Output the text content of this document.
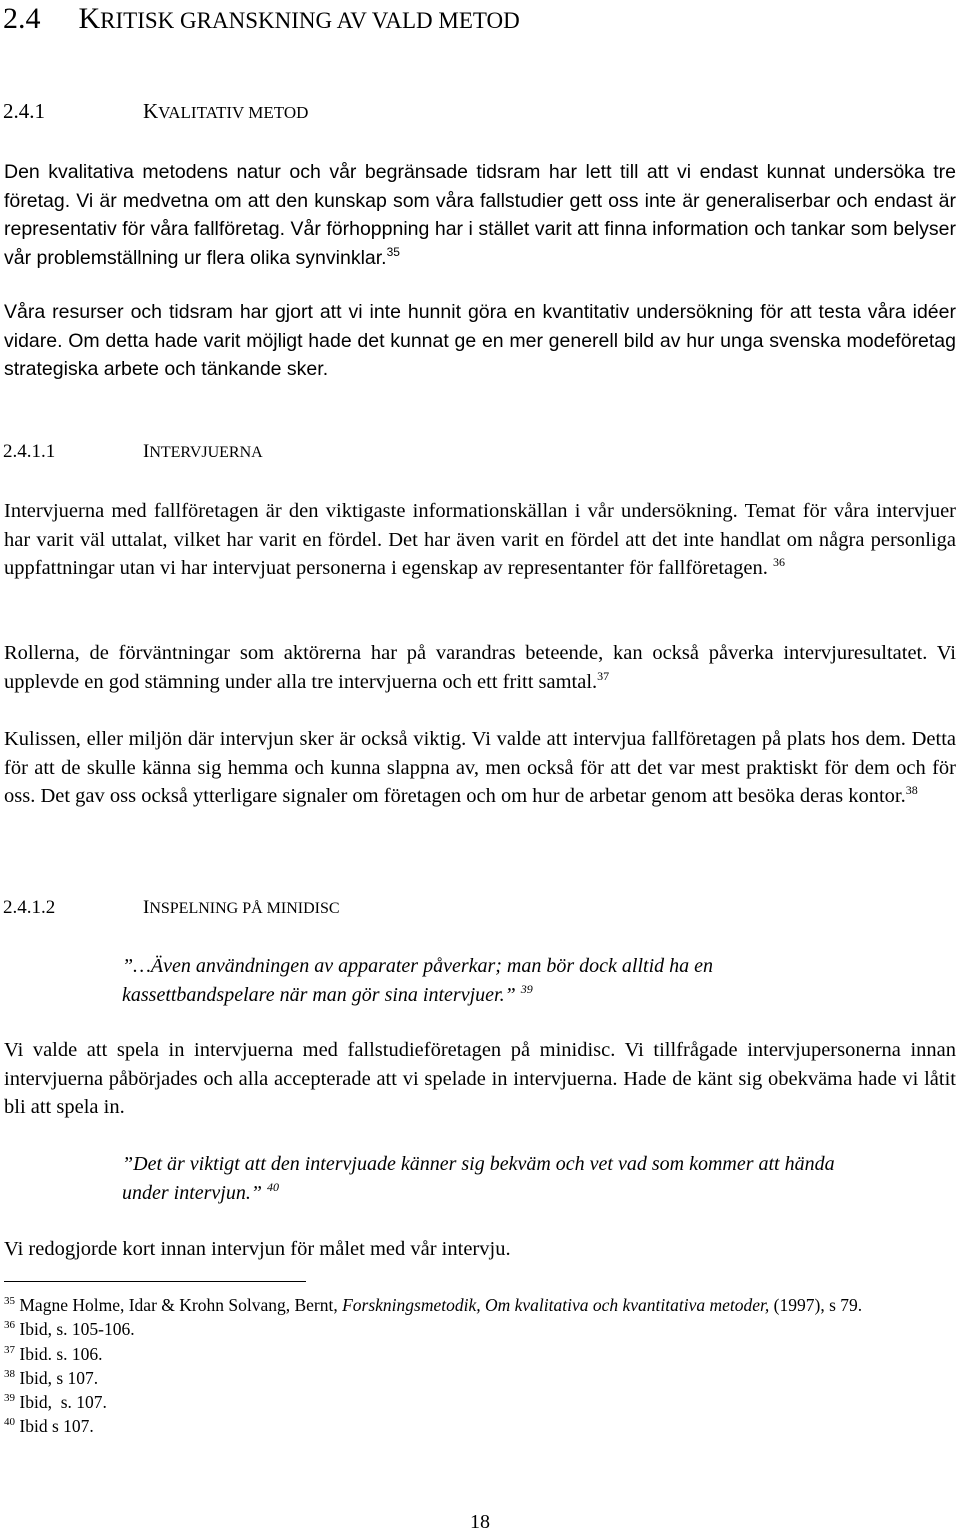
2.4 KRITISK GRANSKNING AV VALD METOD
2.4.1	KVALITATIV METOD

Den kvalitativa metodens natur och vår begränsade tidsram har lett till att vi endast kunnat undersöka tre företag. Vi är medvetna om att den kunskap som våra fallstudier gett oss inte är generaliserbar och endast är representativ för våra fallföretag. Vår förhoppning har i stället varit att finna information och tankar som belyser vår problemställning ur flera olika synvinklar.$^{35}$

Våra resurser och tidsram har gjort att vi inte hunnit göra en kvantitativ undersökning för att testa våra idéer vidare. Om detta hade varit möjligt hade det kunnat ge en mer generell bild av hur unga svenska modeföretag strategiska arbete och tänkande sker.

2.4.1.1	INTERVJUERNA

Intervjuerna med fallföretagen är den viktigaste informationskällan i vår undersökning. Temat för våra intervjuer har varit väl uttalat, vilket har varit en fördel. Det har även varit en fördel att det inte handlat om några personliga uppfattningar utan vi har intervjuat personerna i egenskap av representanter för fallföretagen. $^{36}$

Rollerna, de förväntningar som aktörerna har på varandras beteende, kan också påverka intervjuresultatet. Vi upplevde en god stämning under alla tre intervjuerna och ett fritt samtal.$^{37}$

Kulissen, eller miljön där intervjun sker är också viktig. Vi valde att intervjua fallföretagen på plats hos dem. Detta för att de skulle känna sig hemma och kunna slappna av, men också för att det var mest praktiskt för dem och för oss. Det gav oss också ytterligare signaler om företagen och om hur de arbetar genom att besöka deras kontor.$^{38}$

2.4.1.2	INSPELNING PÅ MINIDISC

”…Även användningen av apparater påverkar; man bör dock alltid ha en kassettbandspelare när man gör sina intervjuer.” $^{39}$

Vi valde att spela in intervjuerna med fallstudieföretagen på minidisc. Vi tillfrågade intervjupersonerna innan intervjuerna påbörjades och alla accepterade att vi spelade in intervjuerna. Hade de känt sig obekväma hade vi låtit bli att spela in.

”Det är viktigt att den intervjuade känner sig bekväm och vet vad som kommer att hända under intervjun.” $^{40}$

Vi redogjorde kort innan intervjun för målet med vår intervju.

$^{35}$ Magne Holme, Idar & Krohn Solvang, Bernt, Forskningsmetodik, Om kvalitativa och kvantitativa metoder, (1997), s 79.
$^{36}$ Ibid, s. 105-106.
$^{37}$ Ibid. s. 106.
$^{38}$ Ibid, s 107.
$^{39}$ Ibid,  s. 107.
$^{40}$ Ibid s 107.
18
